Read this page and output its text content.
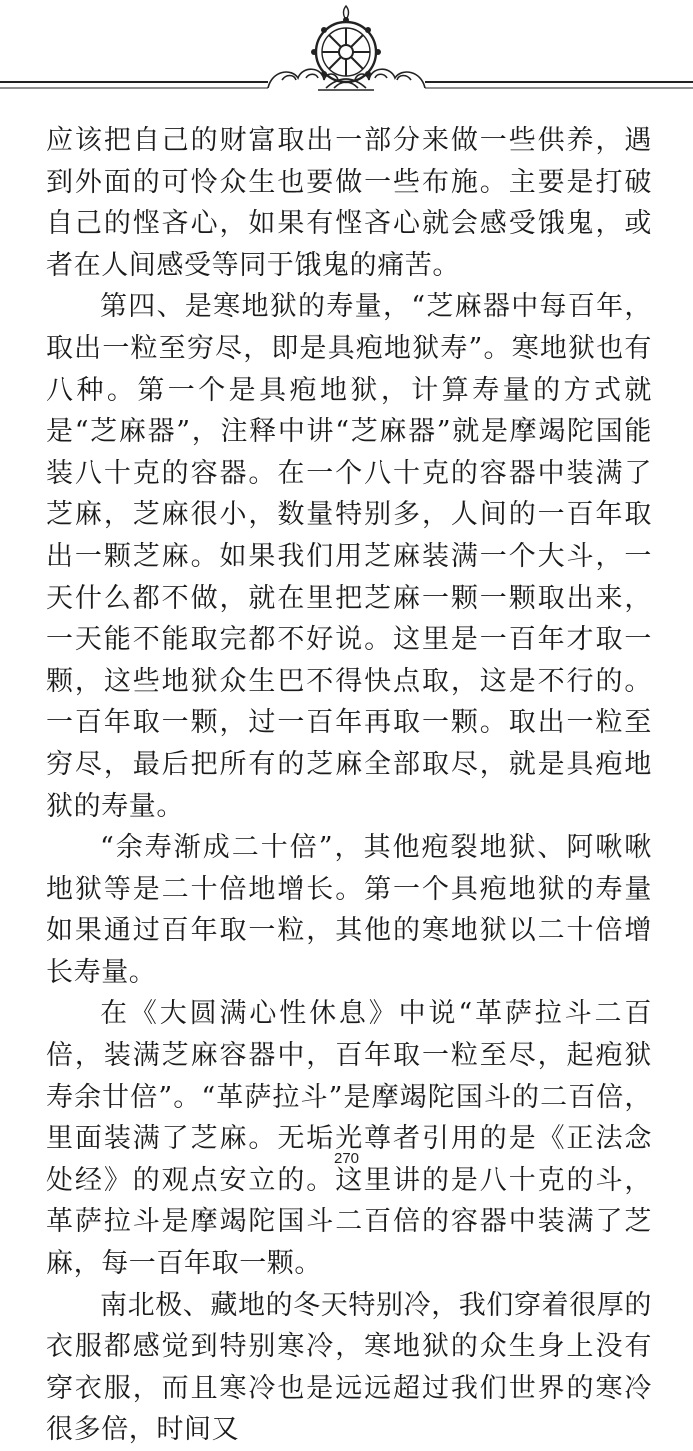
应该把自己的财富取出一部分来做一些供养，遇到外面的可怜众生也要做一些布施。主要是打破自己的悭吝心，如果有悭吝心就会感受饿鬼，或者在人间感受等同于饿鬼的痛苦。

第四、是寒地狱的寿量，“芝麻器中每百年，取出一粒至穷尽，即是具疱地狱寿”。寒地狱也有八种。第一个是具疱地狱，计算寿量的方式就是“芝麻器”，注释中讲“芝麻器”就是摩竭陀国能装八十克的容器。在一个八十克的容器中装满了芝麻，芝麻很小，数量特别多，人间的一百年取出一颗芝麻。如果我们用芝麻装满一个大斗，一天什么都不做，就在里把芝麻一颗一颗取出来，一天能不能取完都不好说。这里是一百年才取一颗，这些地狱众生巴不得快点取，这是不行的。一百年取一颗，过一百年再取一颗。取出一粒至穷尽，最后把所有的芝麻全部取尽，就是具疱地狱的寿量。

“余寿渐成二十倍”，其他疱裂地狱、阿啾啾地狱等是二十倍地增长。第一个具疱地狱的寿量如果通过百年取一粒，其他的寒地狱以二十倍增长寿量。

在《大圆满心性休息》中说“革萨拉斗二百倍，装满芝麻容器中，百年取一粒至尽，起疱狱寿余廿倍”。“革萨拉斗”是摩竭陀国斗的二百倍，里面装满了芝麻。无垢光尊者引用的是《正法念处经》的观点安立的。这里讲的是八十克的斗，革萨拉斗是摩竭陀国斗二百倍的容器中装满了芝麻，每一百年取一颗。

南北极、藏地的冬天特别冷，我们穿着很厚的衣服都感觉到特别寒冷，寒地狱的众生身上没有穿衣服，而且寒冷也是远远超过我们世界的寒冷很多倍，时间又

270
